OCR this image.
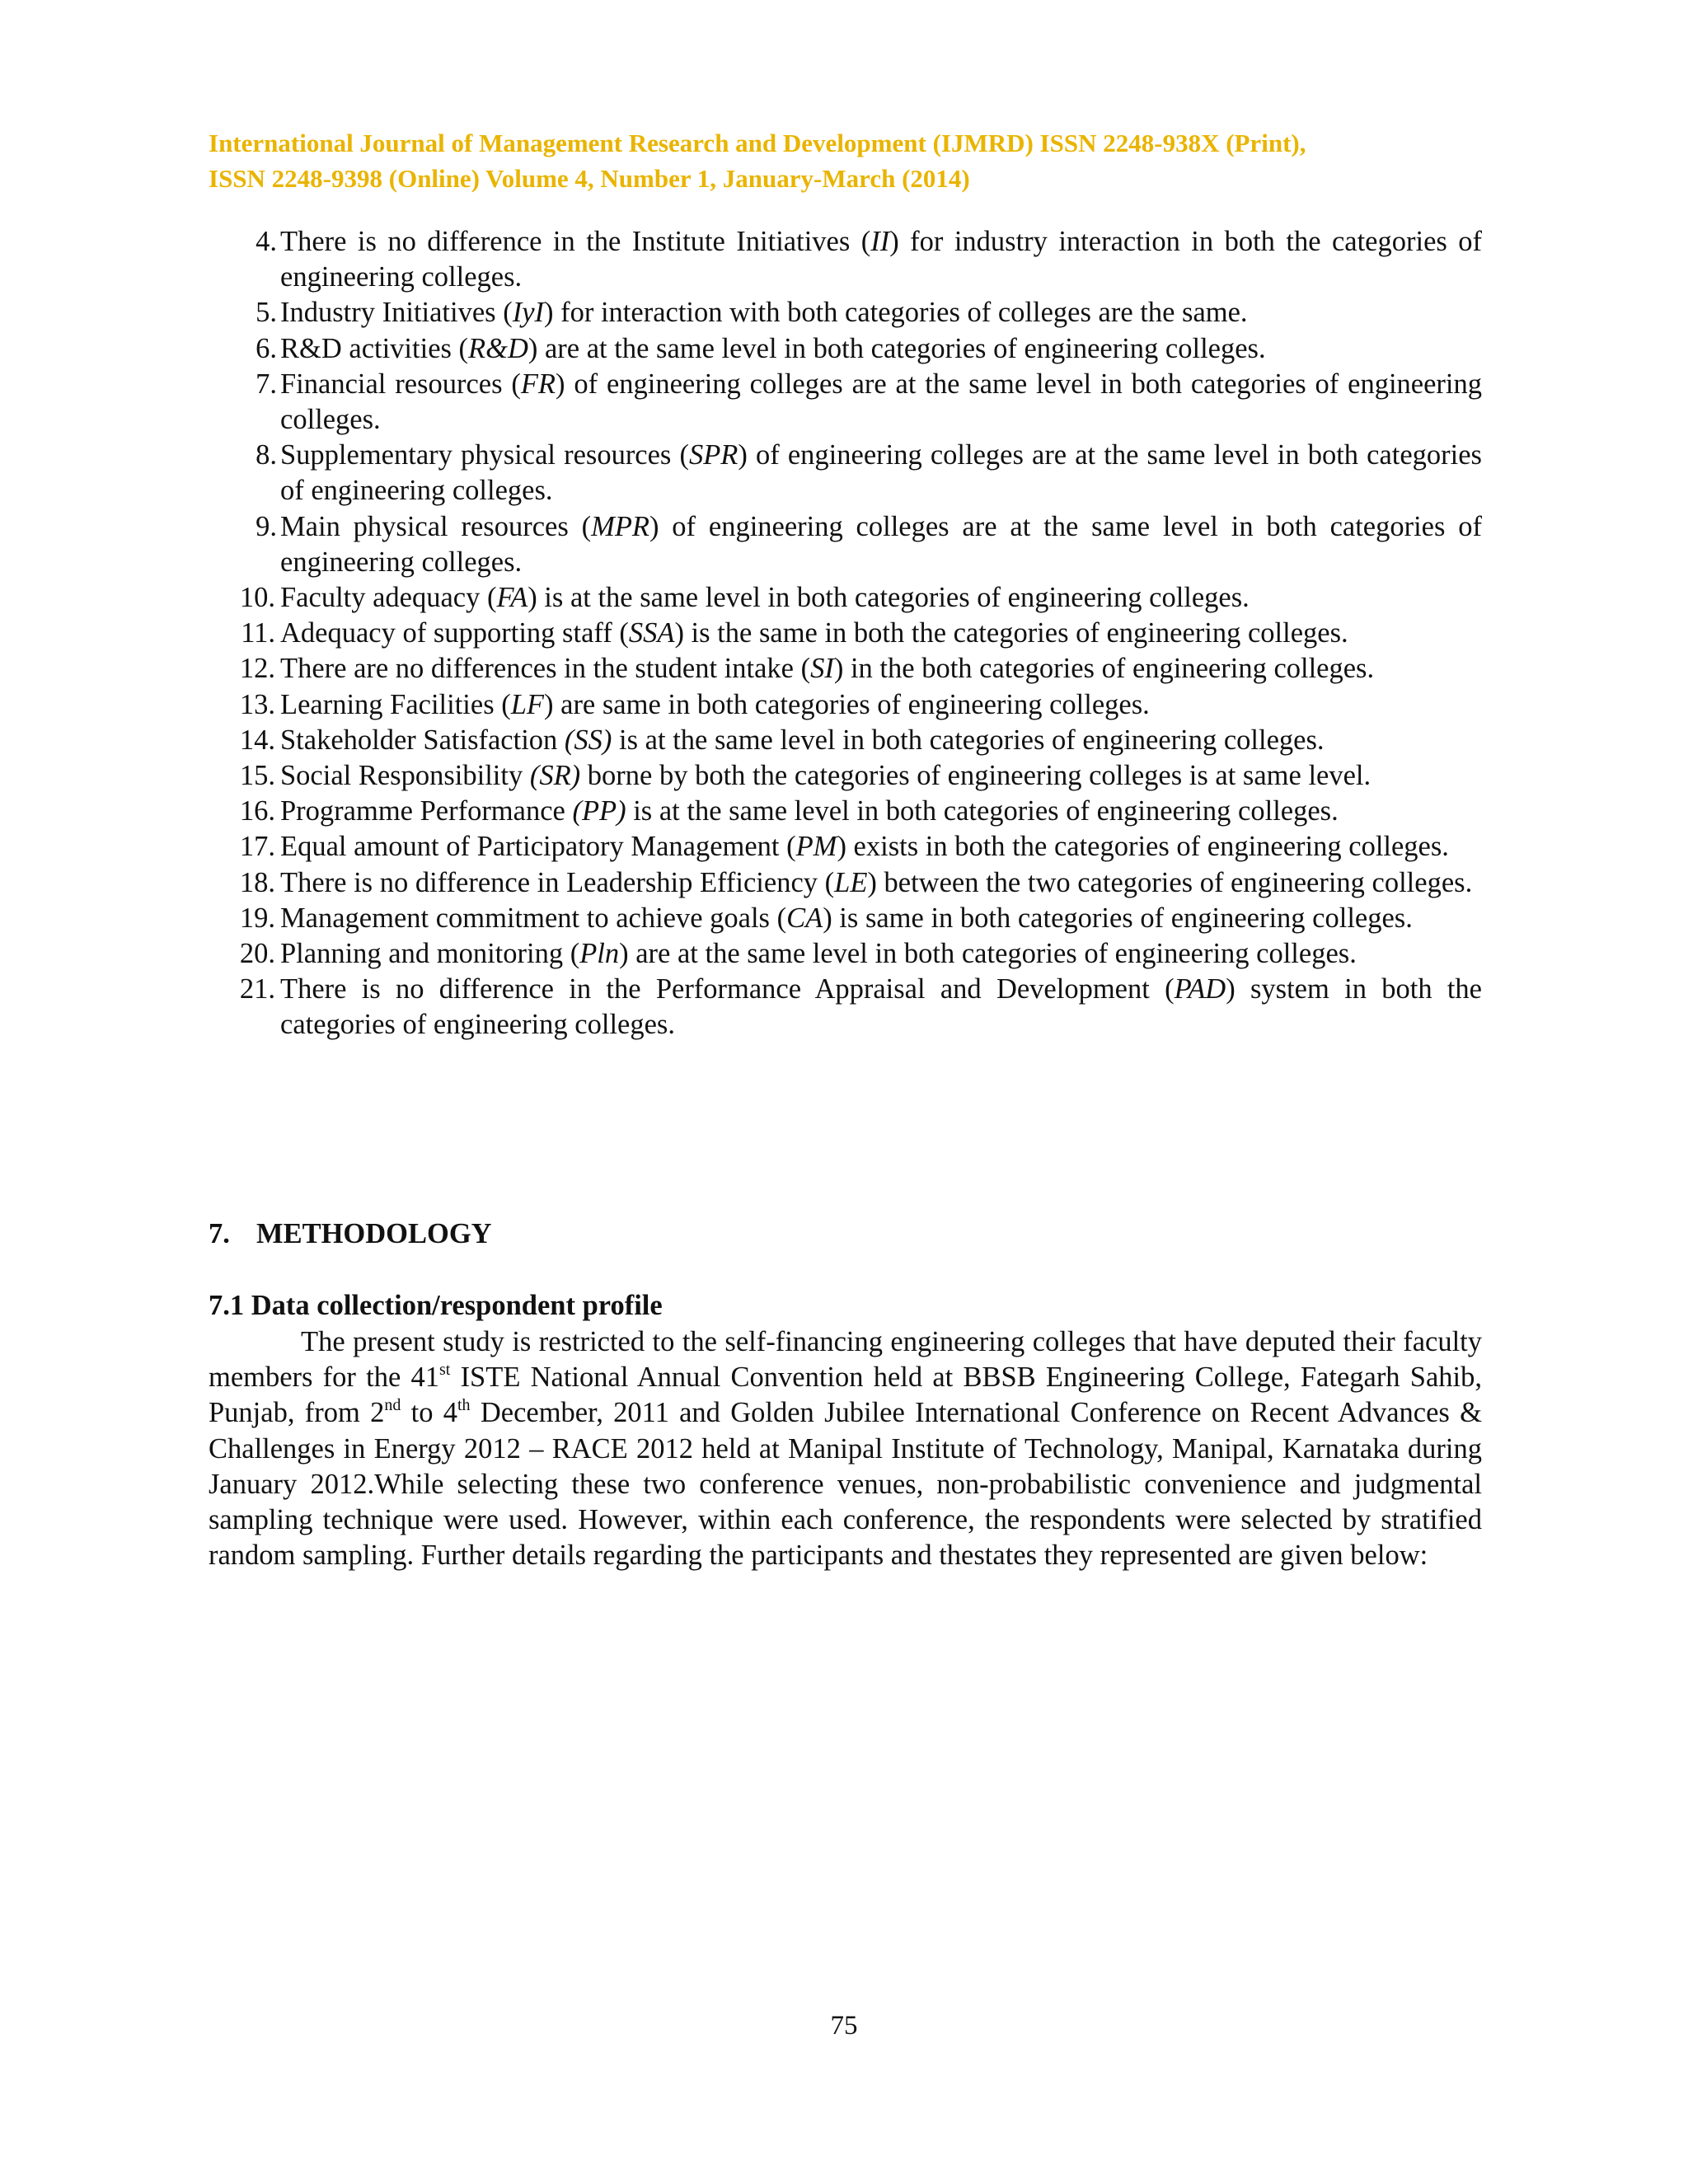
International Journal of Management Research and Development (IJMRD) ISSN 2248-938X (Print),
ISSN 2248-9398 (Online) Volume 4, Number 1, January-March (2014)
4. There is no difference in the Institute Initiatives (II) for industry interaction in both the categories of engineering colleges.
5. Industry Initiatives (IyI) for interaction with both categories of colleges are the same.
6. R&D activities (R&D) are at the same level in both categories of engineering colleges.
7. Financial resources (FR) of engineering colleges are at the same level in both categories of engineering colleges.
8. Supplementary physical resources (SPR) of engineering colleges are at the same level in both categories of engineering colleges.
9. Main physical resources (MPR) of engineering colleges are at the same level in both categories of engineering colleges.
10. Faculty adequacy (FA) is at the same level in both categories of engineering colleges.
11. Adequacy of supporting staff (SSA) is the same in both the categories of engineering colleges.
12. There are no differences in the student intake (SI) in the both categories of engineering colleges.
13. Learning Facilities (LF) are same in both categories of engineering colleges.
14. Stakeholder Satisfaction (SS) is at the same level in both categories of engineering colleges.
15. Social Responsibility (SR) borne by both the categories of engineering colleges is at same level.
16. Programme Performance (PP) is at the same level in both categories of engineering colleges.
17. Equal amount of Participatory Management (PM) exists in both the categories of engineering colleges.
18. There is no difference in Leadership Efficiency (LE) between the two categories of engineering colleges.
19. Management commitment to achieve goals (CA) is same in both categories of engineering colleges.
20. Planning and monitoring (Pln) are at the same level in both categories of engineering colleges.
21. There is no difference in the Performance Appraisal and Development (PAD) system in both the categories of engineering colleges.
7. METHODOLOGY
7.1 Data collection/respondent profile

The present study is restricted to the self-financing engineering colleges that have deputed their faculty members for the 41st ISTE National Annual Convention held at BBSB Engineering College, Fategarh Sahib, Punjab, from 2nd to 4th December, 2011 and Golden Jubilee International Conference on Recent Advances & Challenges in Energy 2012 – RACE 2012 held at Manipal Institute of Technology, Manipal, Karnataka during January 2012.While selecting these two conference venues, non-probabilistic convenience and judgmental sampling technique were used. However, within each conference, the respondents were selected by stratified random sampling. Further details regarding the participants and thestates they represented are given below:

75
